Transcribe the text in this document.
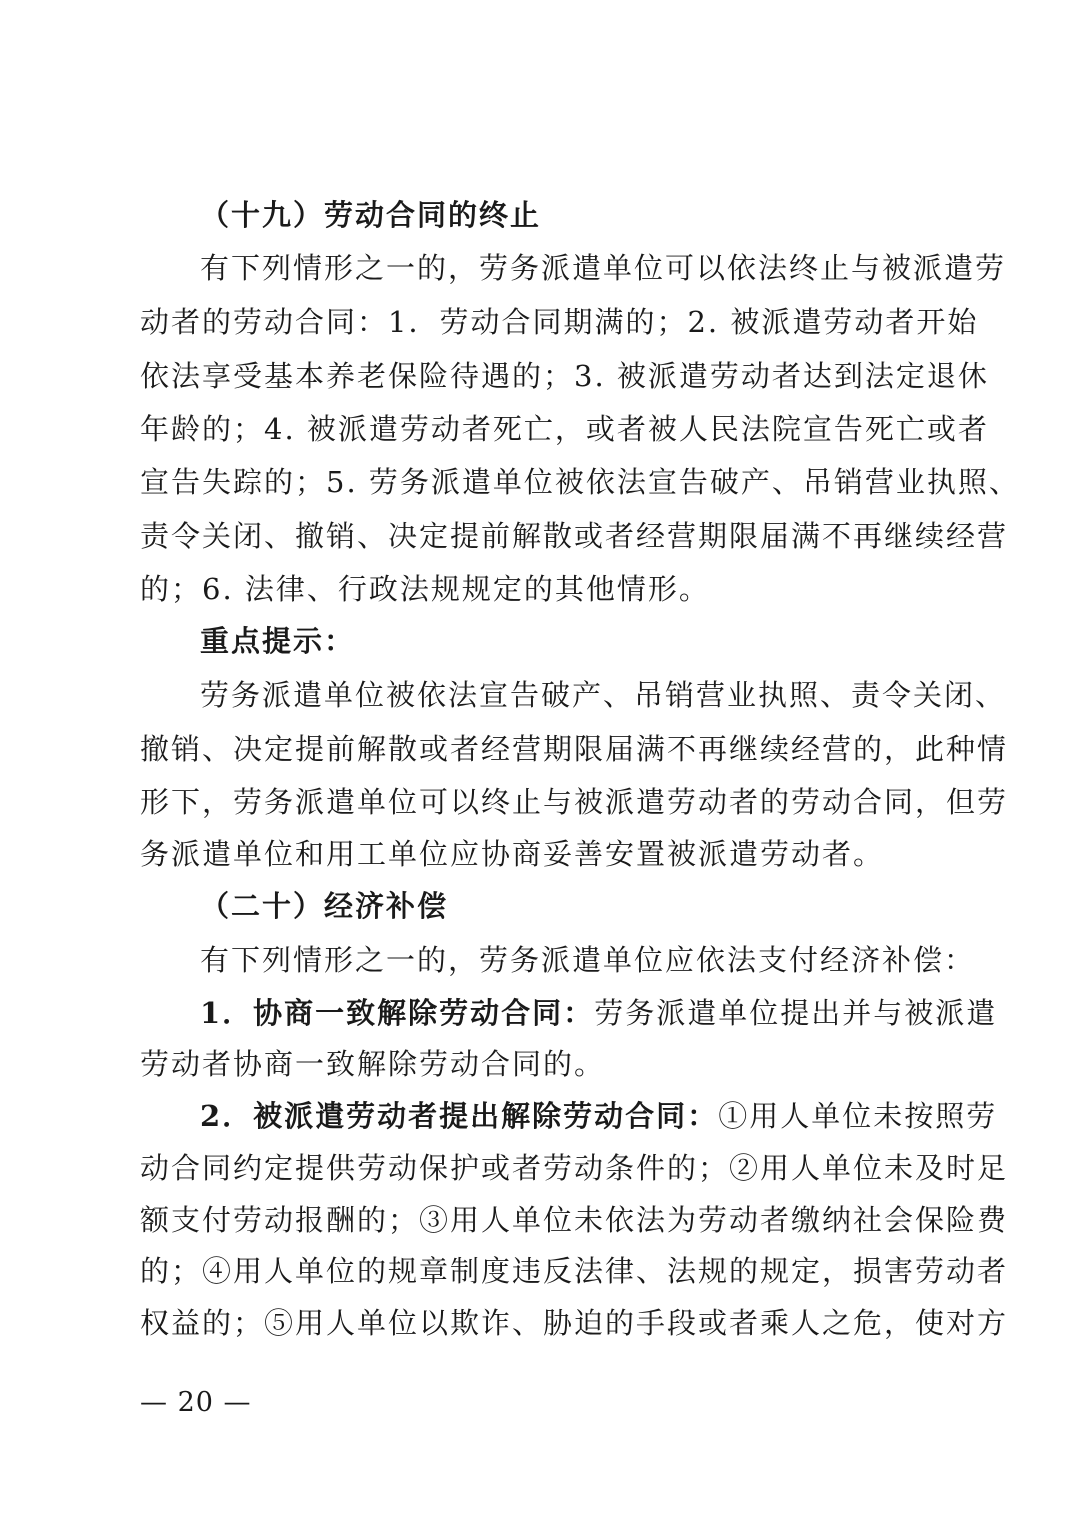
（十九）劳动合同的终止
有下列情形之一的，劳务派遣单位可以依法终止与被派遣劳
动者的劳动合同：1．劳动合同期满的；2. 被派遣劳动者开始
依法享受基本养老保险待遇的；3. 被派遣劳动者达到法定退休
年龄的；4. 被派遣劳动者死亡，或者被人民法院宣告死亡或者
宣告失踪的；5. 劳务派遣单位被依法宣告破产、吊销营业执照、
责令关闭、撤销、决定提前解散或者经营期限届满不再继续经营
的；6. 法律、行政法规规定的其他情形。
重点提示：
劳务派遣单位被依法宣告破产、吊销营业执照、责令关闭、
撤销、决定提前解散或者经营期限届满不再继续经营的，此种情
形下，劳务派遣单位可以终止与被派遣劳动者的劳动合同，但劳
务派遣单位和用工单位应协商妥善安置被派遣劳动者。
（二十）经济补偿
有下列情形之一的，劳务派遣单位应依法支付经济补偿：
1．协商一致解除劳动合同：劳务派遣单位提出并与被派遣
劳动者协商一致解除劳动合同的。
2．被派遣劳动者提出解除劳动合同：①用人单位未按照劳
动合同约定提供劳动保护或者劳动条件的；②用人单位未及时足
额支付劳动报酬的；③用人单位未依法为劳动者缴纳社会保险费
的；④用人单位的规章制度违反法律、法规的规定，损害劳动者
权益的；⑤用人单位以欺诈、胁迫的手段或者乘人之危，使对方
— 20 —
